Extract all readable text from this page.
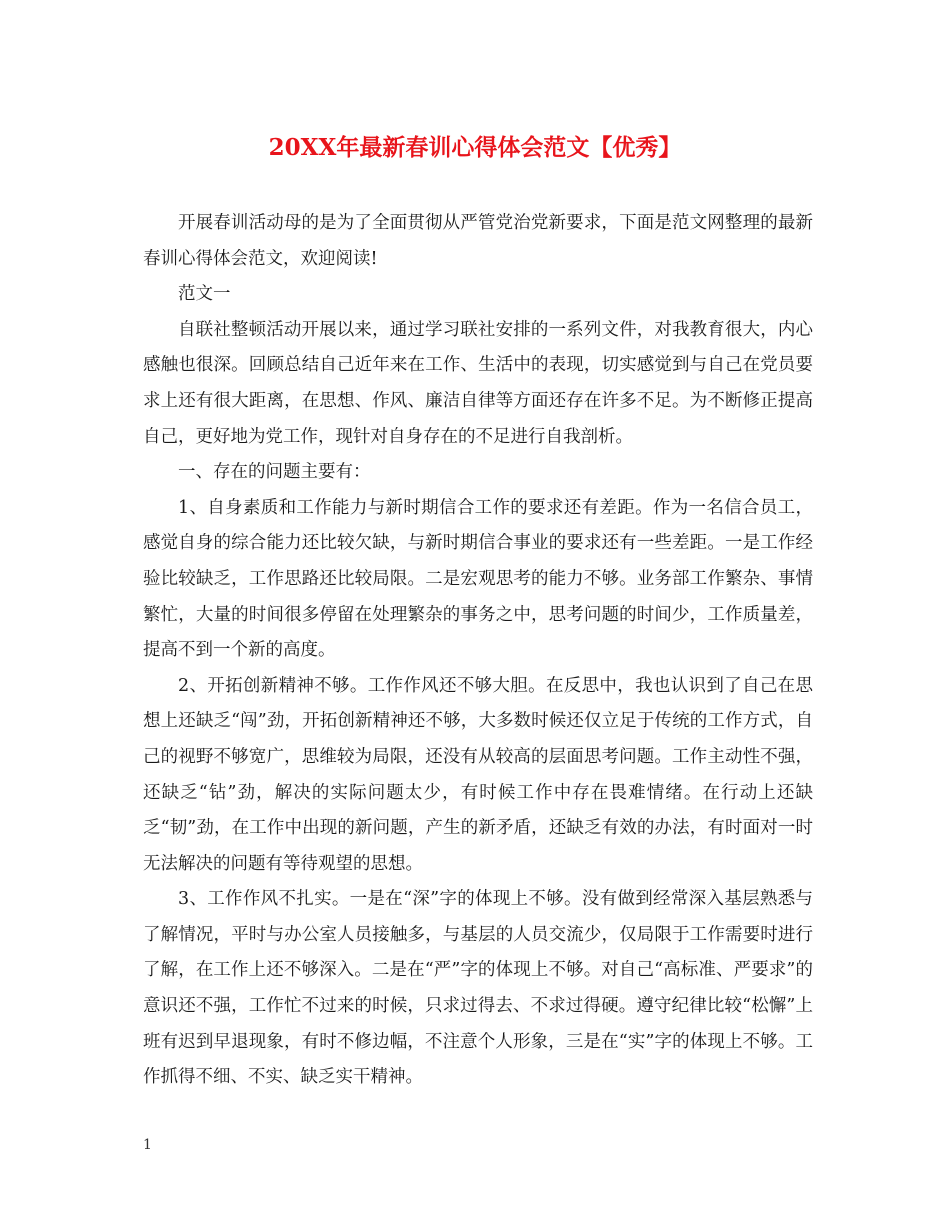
20XX年最新春训心得体会范文【优秀】

开展春训活动母的是为了全面贯彻从严管党治党新要求，下面是范文网整理的最新春训心得体会范文，欢迎阅读!

范文一

自联社整顿活动开展以来，通过学习联社安排的一系列文件，对我教育很大，内心感触也很深。回顾总结自己近年来在工作、生活中的表现，切实感觉到与自己在党员要求上还有很大距离，在思想、作风、廉洁自律等方面还存在许多不足。为不断修正提高自己，更好地为党工作，现针对自身存在的不足进行自我剖析。

一、存在的问题主要有：

1、自身素质和工作能力与新时期信合工作的要求还有差距。作为一名信合员工，感觉自身的综合能力还比较欠缺，与新时期信合事业的要求还有一些差距。一是工作经验比较缺乏，工作思路还比较局限。二是宏观思考的能力不够。业务部工作繁杂、事情繁忙，大量的时间很多停留在处理繁杂的事务之中，思考问题的时间少，工作质量差，提高不到一个新的高度。

2、开拓创新精神不够。工作作风还不够大胆。在反思中，我也认识到了自己在思想上还缺乏“闯”劲，开拓创新精神还不够，大多数时候还仅立足于传统的工作方式，自己的视野不够宽广，思维较为局限，还没有从较高的层面思考问题。工作主动性不强，还缺乏“钻”劲，解决的实际问题太少，有时候工作中存在畏难情绪。在行动上还缺乏“韧”劲，在工作中出现的新问题，产生的新矛盾，还缺乏有效的办法，有时面对一时无法解决的问题有等待观望的思想。

3、工作作风不扎实。一是在“深”字的体现上不够。没有做到经常深入基层熟悉与了解情况，平时与办公室人员接触多，与基层的人员交流少，仅局限于工作需要时进行了解，在工作上还不够深入。二是在“严”字的体现上不够。对自己“高标准、严要求”的意识还不强，工作忙不过来的时候，只求过得去、不求过得硬。遵守纪律比较“松懈”上班有迟到早退现象，有时不修边幅，不注意个人形象，三是在“实”字的体现上不够。工作抓得不细、不实、缺乏实干精神。

1
